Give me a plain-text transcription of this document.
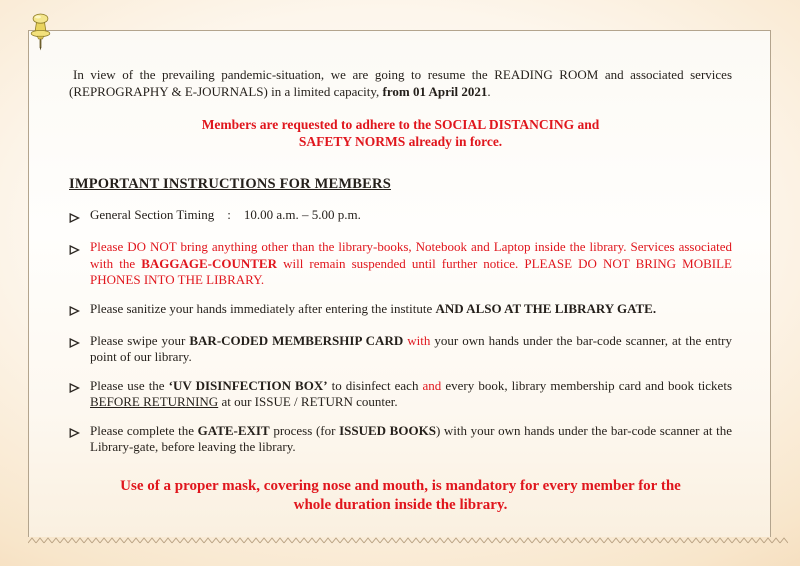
In view of the prevailing pandemic-situation, we are going to resume the READING ROOM and associated services (REPROGRAPHY & E-JOURNALS) in a limited capacity, from 01 April 2021.

Members are requested to adhere to the SOCIAL DISTANCING and
SAFETY NORMS already in force.

IMPORTANT INSTRUCTIONS FOR MEMBERS
General Section Timing    :    10.00 a.m. – 5.00 p.m.
Please DO NOT bring anything other than the library-books, Notebook and Laptop inside the library. Services associated with the BAGGAGE-COUNTER will remain suspended until further notice. PLEASE DO NOT BRING MOBILE PHONES INTO THE LIBRARY.
Please sanitize your hands immediately after entering the institute AND ALSO AT THE LIBRARY GATE.
Please swipe your BAR-CODED MEMBERSHIP CARD with your own hands under the bar-code scanner, at the entry point of our library.
Please use the ‘UV DISINFECTION BOX’ to disinfect each and every book, library membership card and book tickets BEFORE RETURNING at our ISSUE / RETURN counter.
Please complete the GATE-EXIT process (for ISSUED BOOKS) with your own hands under the bar-code scanner at the Library-gate, before leaving the library.

Use of a proper mask, covering nose and mouth, is mandatory for every member for the
whole duration inside the library.
